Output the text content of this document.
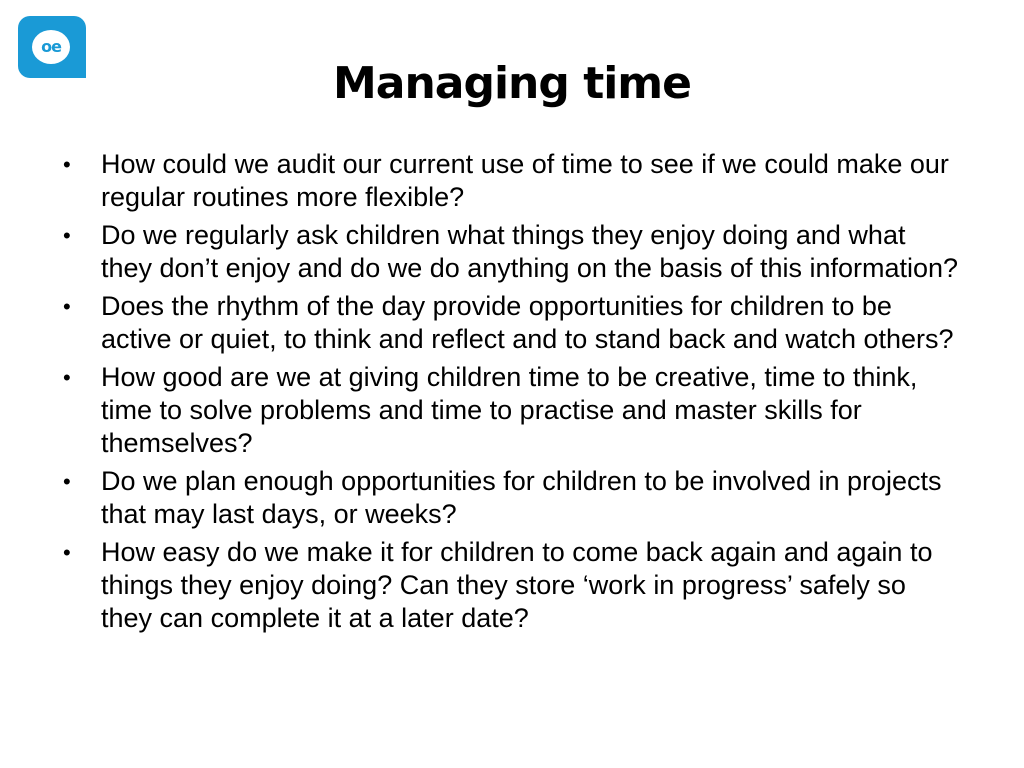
oe
Managing time
• How could we audit our current use of time to see if we could make our regular routines more flexible?
• Do we regularly ask children what things they enjoy doing and what they don’t enjoy and do we do anything on the basis of this information?
• Does the rhythm of the day provide opportunities for children to be active or quiet, to think and reflect and to stand back and watch others?
• How good are we at giving children time to be creative, time to think, time to solve problems and time to practise and master skills for themselves?
• Do we plan enough opportunities for children to be involved in projects that may last days, or weeks?
• How easy do we make it for children to come back again and again to things they enjoy doing? Can they store ‘work in progress’ safely so they can complete it at a later date?
